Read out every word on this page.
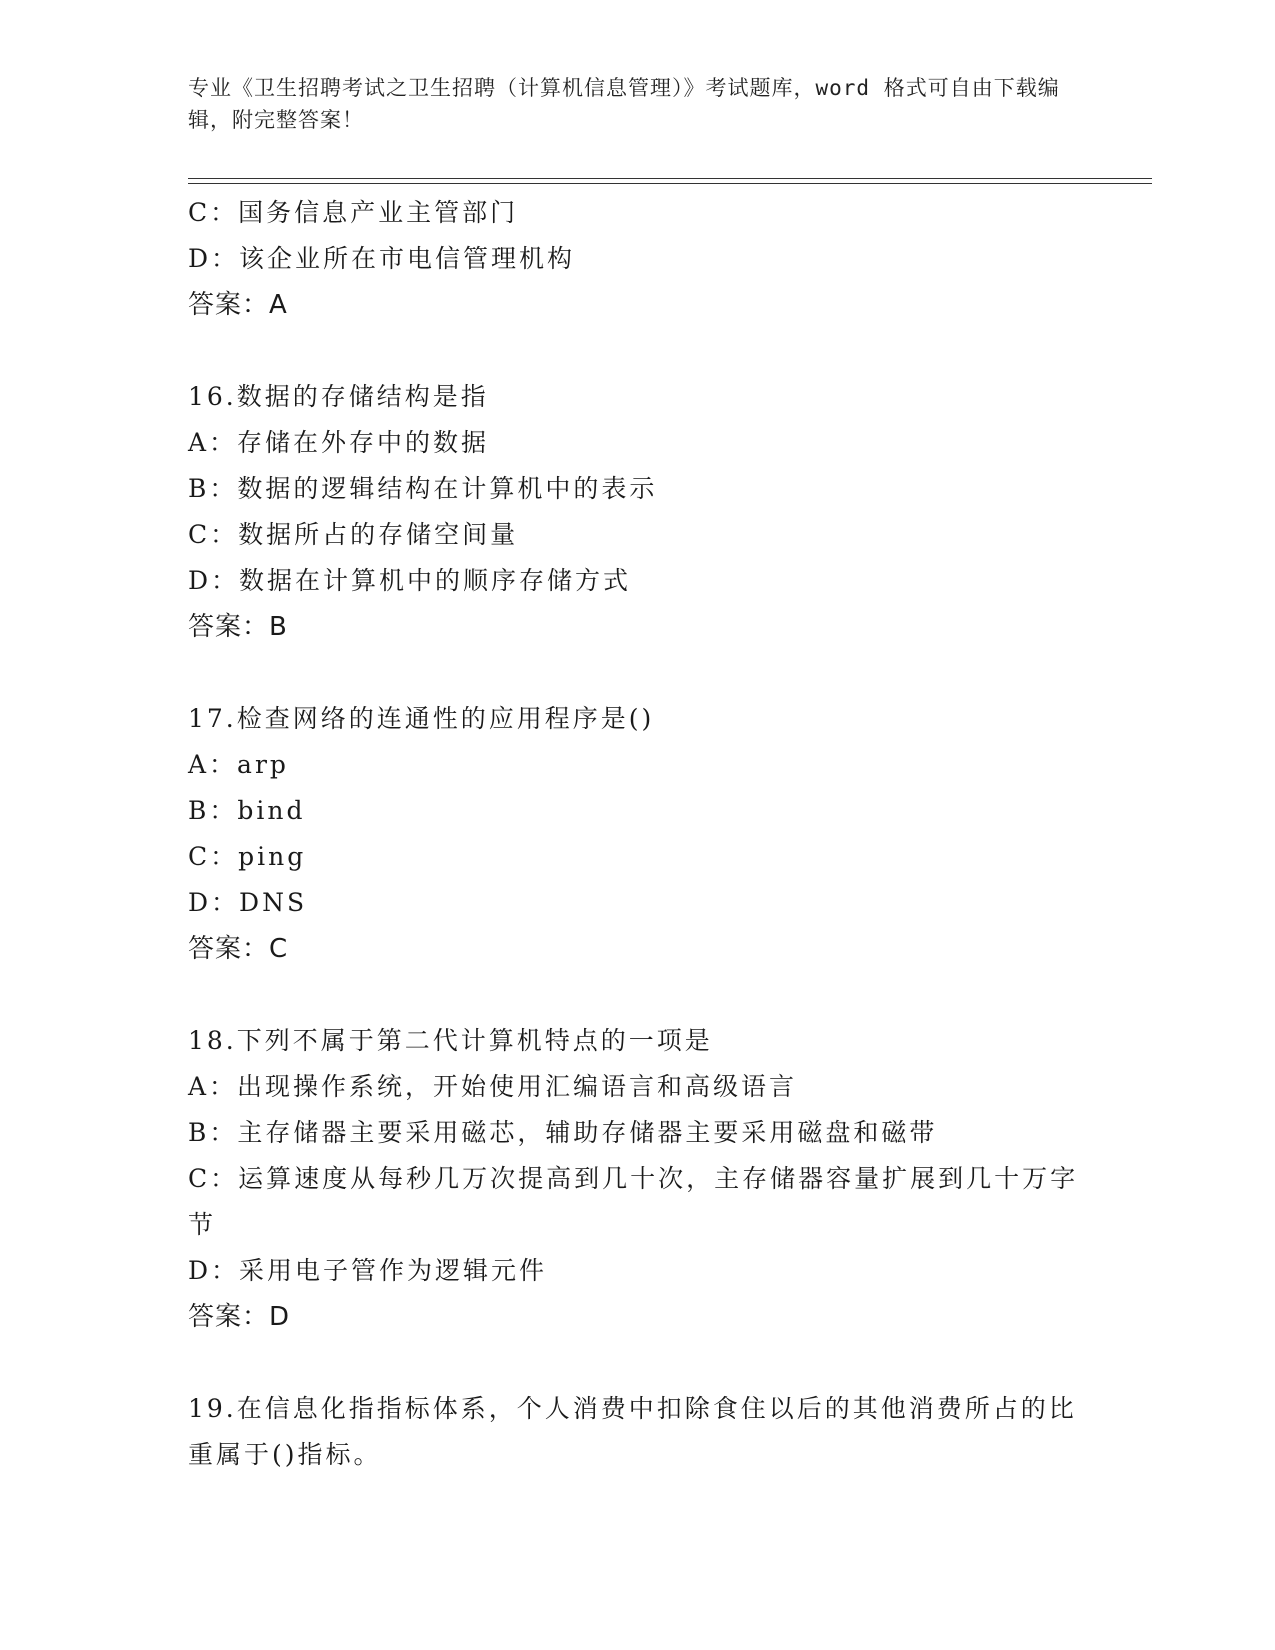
专业《卫生招聘考试之卫生招聘（计算机信息管理）》考试题库，word 格式可自由下载编辑，附完整答案！
C：国务信息产业主管部门
D：该企业所在市电信管理机构
答案：A
16.数据的存储结构是指
A：存储在外存中的数据
B：数据的逻辑结构在计算机中的表示
C：数据所占的存储空间量
D：数据在计算机中的顺序存储方式
答案：B
17.检查网络的连通性的应用程序是()
A：arp
B：bind
C：ping
D：DNS
答案：C
18.下列不属于第二代计算机特点的一项是
A：出现操作系统，开始使用汇编语言和高级语言
B：主存储器主要采用磁芯，辅助存储器主要采用磁盘和磁带
C：运算速度从每秒几万次提高到几十次，主存储器容量扩展到几十万字节
D：采用电子管作为逻辑元件
答案：D
19.在信息化指指标体系，个人消费中扣除食住以后的其他消费所占的比重属于()指标。
